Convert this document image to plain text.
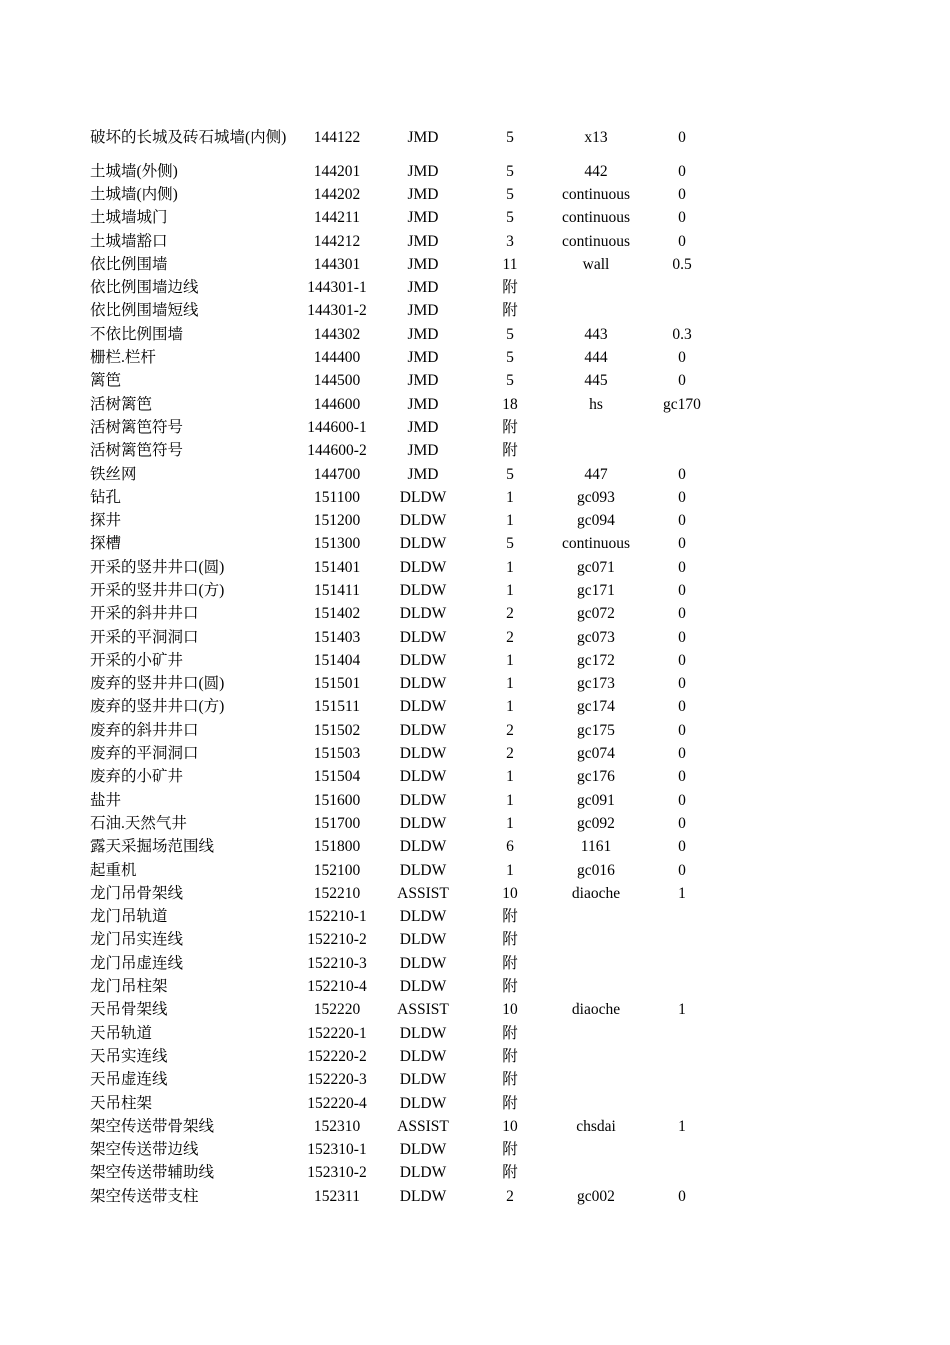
破坏的长城及砖石城墙(内侧)	144122	JMD	5	x13	0
土城墙(外侧)	144201	JMD	5	442	0
土城墙(内侧)	144202	JMD	5	continuous	0
土城墙城门	144211	JMD	5	continuous	0
土城墙豁口	144212	JMD	3	continuous	0
依比例围墙	144301	JMD	11	wall	0.5
依比例围墙边线	144301-1	JMD	附
依比例围墙短线	144301-2	JMD	附
不依比例围墙	144302	JMD	5	443	0.3
栅栏.栏杆	144400	JMD	5	444	0
篱笆	144500	JMD	5	445	0
活树篱笆	144600	JMD	18	hs	gc170
活树篱笆符号	144600-1	JMD	附
活树篱笆符号	144600-2	JMD	附
铁丝网	144700	JMD	5	447	0
钻孔	151100	DLDW	1	gc093	0
探井	151200	DLDW	1	gc094	0
探槽	151300	DLDW	5	continuous	0
开采的竖井井口(圆)	151401	DLDW	1	gc071	0
开采的竖井井口(方)	151411	DLDW	1	gc171	0
开采的斜井井口	151402	DLDW	2	gc072	0
开采的平洞洞口	151403	DLDW	2	gc073	0
开采的小矿井	151404	DLDW	1	gc172	0
废弃的竖井井口(圆)	151501	DLDW	1	gc173	0
废弃的竖井井口(方)	151511	DLDW	1	gc174	0
废弃的斜井井口	151502	DLDW	2	gc175	0
废弃的平洞洞口	151503	DLDW	2	gc074	0
废弃的小矿井	151504	DLDW	1	gc176	0
盐井	151600	DLDW	1	gc091	0
石油.天然气井	151700	DLDW	1	gc092	0
露天采掘场范围线	151800	DLDW	6	1161	0
起重机	152100	DLDW	1	gc016	0
龙门吊骨架线	152210	ASSIST	10	diaoche	1
龙门吊轨道	152210-1	DLDW	附
龙门吊实连线	152210-2	DLDW	附
龙门吊虚连线	152210-3	DLDW	附
龙门吊柱架	152210-4	DLDW	附
天吊骨架线	152220	ASSIST	10	diaoche	1
天吊轨道	152220-1	DLDW	附
天吊实连线	152220-2	DLDW	附
天吊虚连线	152220-3	DLDW	附
天吊柱架	152220-4	DLDW	附
架空传送带骨架线	152310	ASSIST	10	chsdai	1
架空传送带边线	152310-1	DLDW	附
架空传送带辅助线	152310-2	DLDW	附
架空传送带支柱	152311	DLDW	2	gc002	0
